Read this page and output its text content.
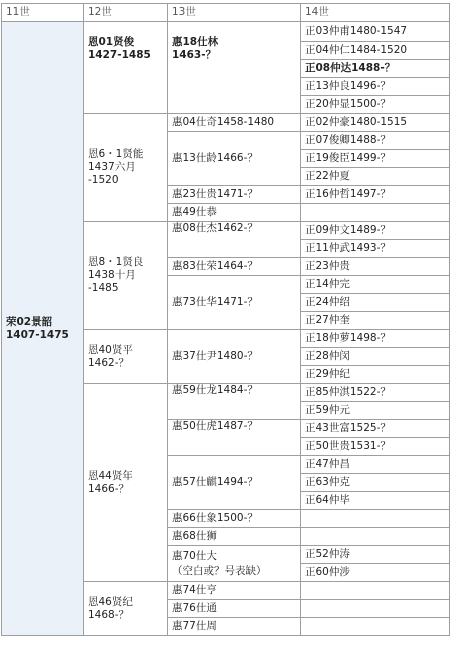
11世	12世	13世	14世

荣02景韶
1407-1475	恩01贤俊
1427-1485	惠18仕林
1463-？	正03仲甫1480-1547
			正04仲仁1484-1520
			正08仲达1488-？
			正13仲良1496-？
			正20仲显1500-？

	恩6・1贤能
1437六月
-1520	惠04仕奇1458-1480	正02仲豪1480-1515
		惠13仕龄1466-？	正07俊卿1488-？
			正19俊臣1499-？
			正22仲夏
		惠23仕贵1471-？	正16仲哲1497-？
		惠49仕恭	

	恩8・1贤良
1438十月
-1485	惠08仕杰1462-？	正09仲文1489-？
			正11仲武1493-？
		惠83仕荣1464-？	正23仲贵
		惠73仕华1471-？	正14仲完
			正24仲绍
			正27仲奎

	恩40贤平
1462-？	惠37仕尹1480-？	正18仲萝1498-？
			正28仲闵
			正29仲纪

	恩44贤年
1466-？	惠59仕龙1484-？	正85仲淇1522-？
			正59仲元
		惠50仕虎1487-？	正43世富1525-？
			正50世贵1531-？
		惠57仕麒1494-？	正47仲昌
			正63仲克
			正64仲毕
		惠66仕象1500-？	
		惠68仕狮	

		惠70仕大
（空白或？号表缺）	正52仲涛
			正60仲涉

	恩46贤纪
1468-？	惠74仕亨	
		惠76仕通	
		惠77仕周	
